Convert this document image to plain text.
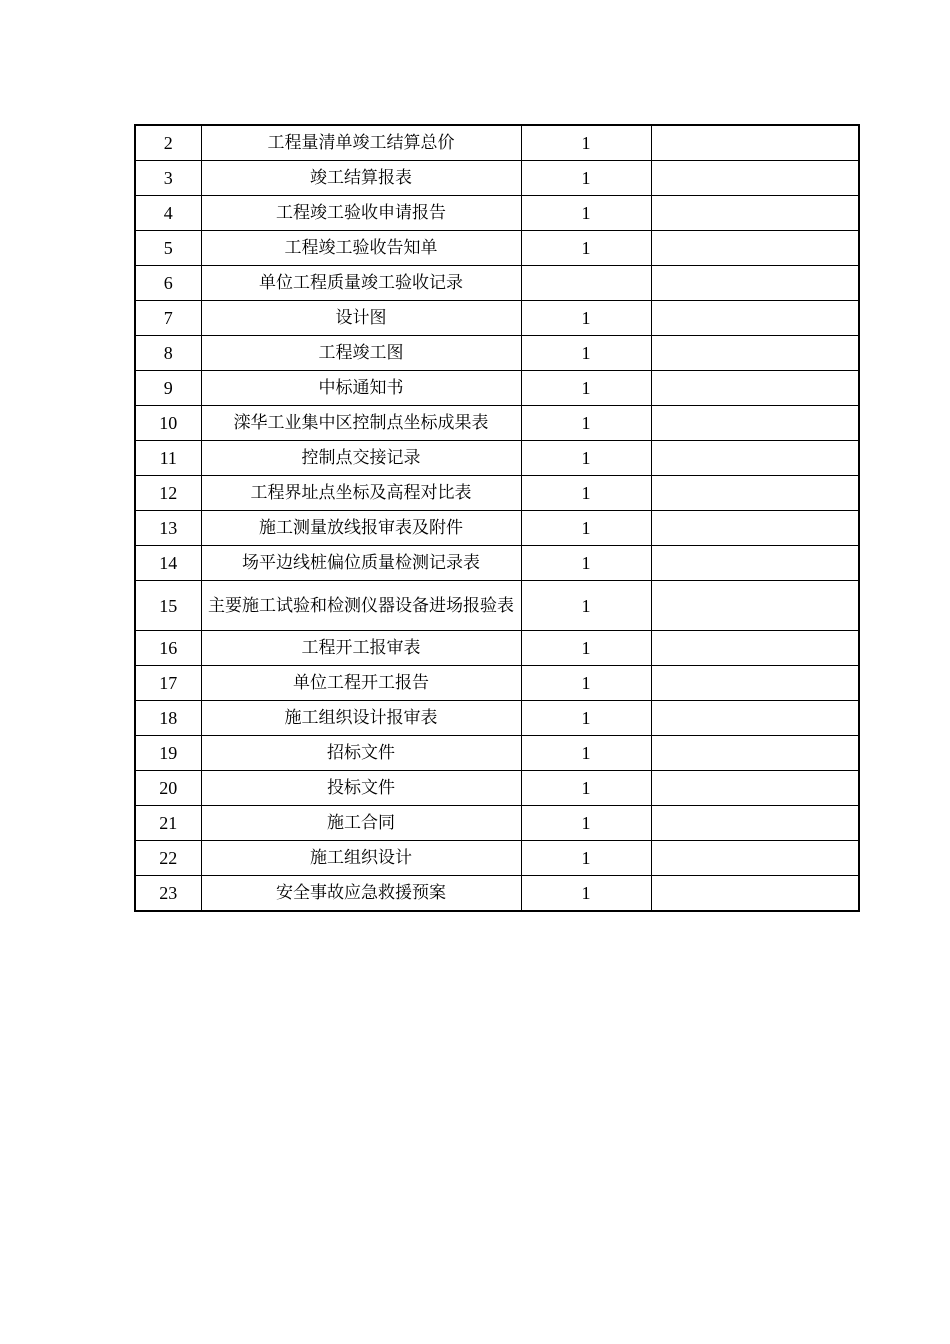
2	工程量清单竣工结算总价	1	
3	竣工结算报表	1	
4	工程竣工验收申请报告	1	
5	工程竣工验收告知单	1	
6	单位工程质量竣工验收记录		
7	设计图	1	
8	工程竣工图	1	
9	中标通知书	1	
10	滦华工业集中区控制点坐标成果表	1	
11	控制点交接记录	1	
12	工程界址点坐标及高程对比表	1	
13	施工测量放线报审表及附件	1	
14	场平边线桩偏位质量检测记录表	1	
15	主要施工试验和检测仪器设备进场报验表	1	
16	工程开工报审表	1	
17	单位工程开工报告	1	
18	施工组织设计报审表	1	
19	招标文件	1	
20	投标文件	1	
21	施工合同	1	
22	施工组织设计	1	
23	安全事故应急救援预案	1	
